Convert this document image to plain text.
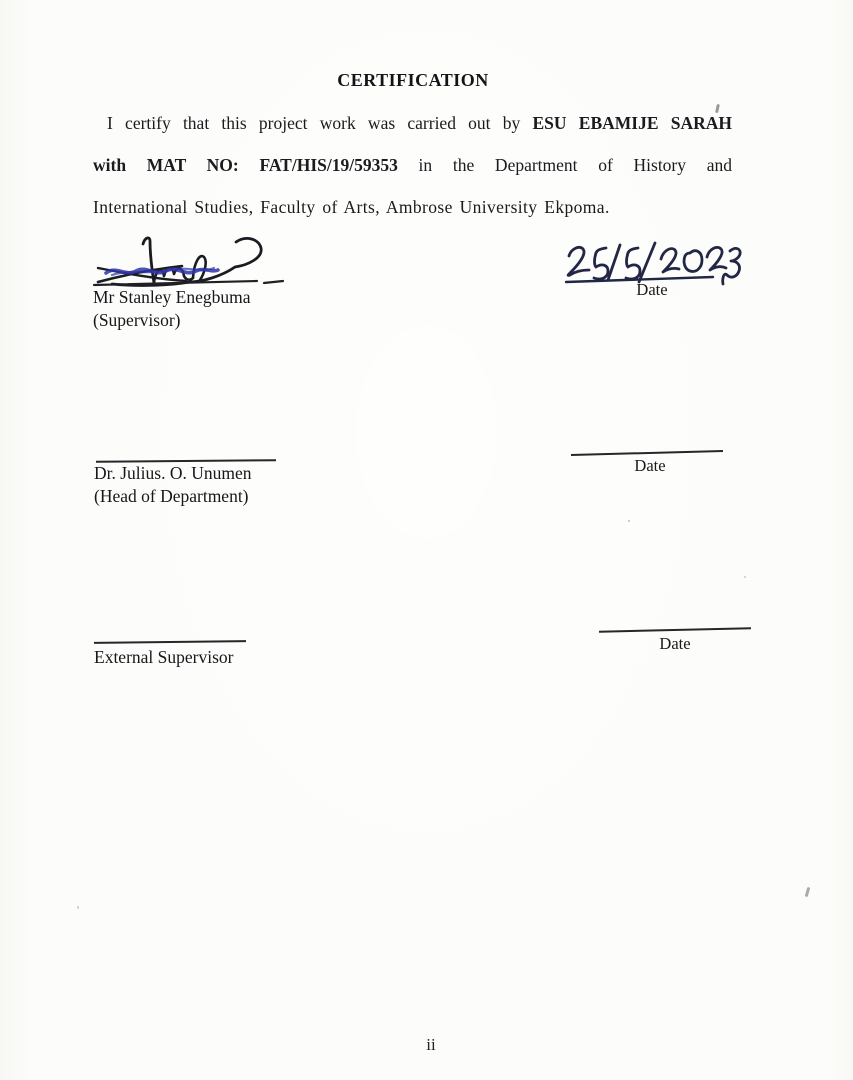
CERTIFICATION
I certify that this project work was carried out by ESU EBAMIJE SARAH
with MAT NO: FAT/HIS/19/59353 in the Department of History and
International Studies, Faculty of Arts, Ambrose University Ekpoma.
Mr Stanley Enegbuma
(Supervisor)
Date
Dr. Julius. O. Unumen
(Head of Department)
Date
External Supervisor
Date
ii
